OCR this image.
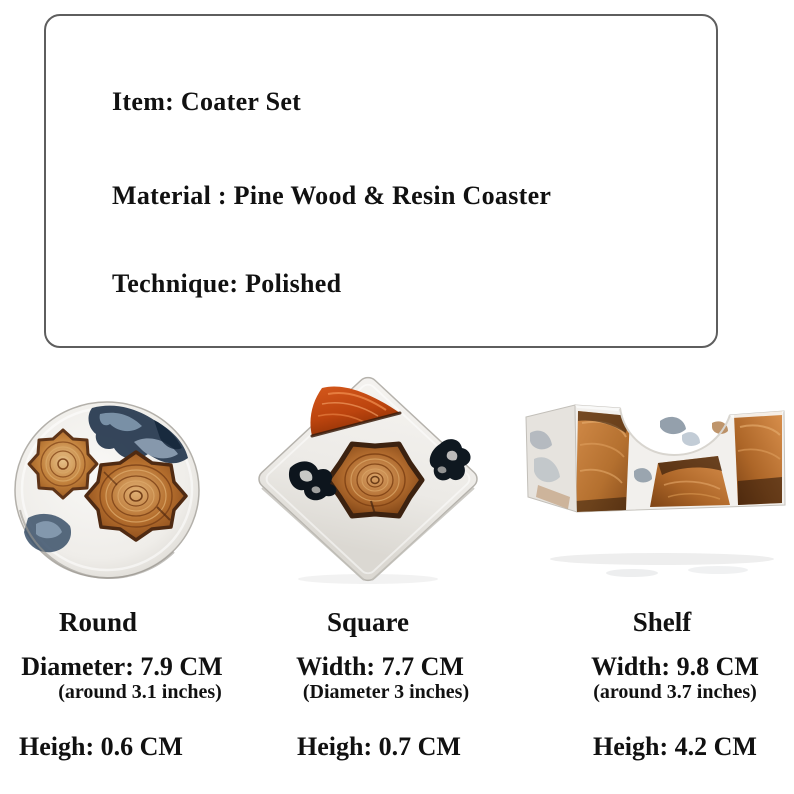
Item: Coater Set
Material : Pine Wood & Resin Coaster
Technique: Polished
Round
Diameter: 7.9 CM
(around 3.1 inches)
Heigh: 0.6 CM
Square
Width: 7.7 CM
(Diameter 3 inches)
Heigh: 0.7 CM
Shelf
Width: 9.8 CM
(around 3.7 inches)
Heigh: 4.2 CM
